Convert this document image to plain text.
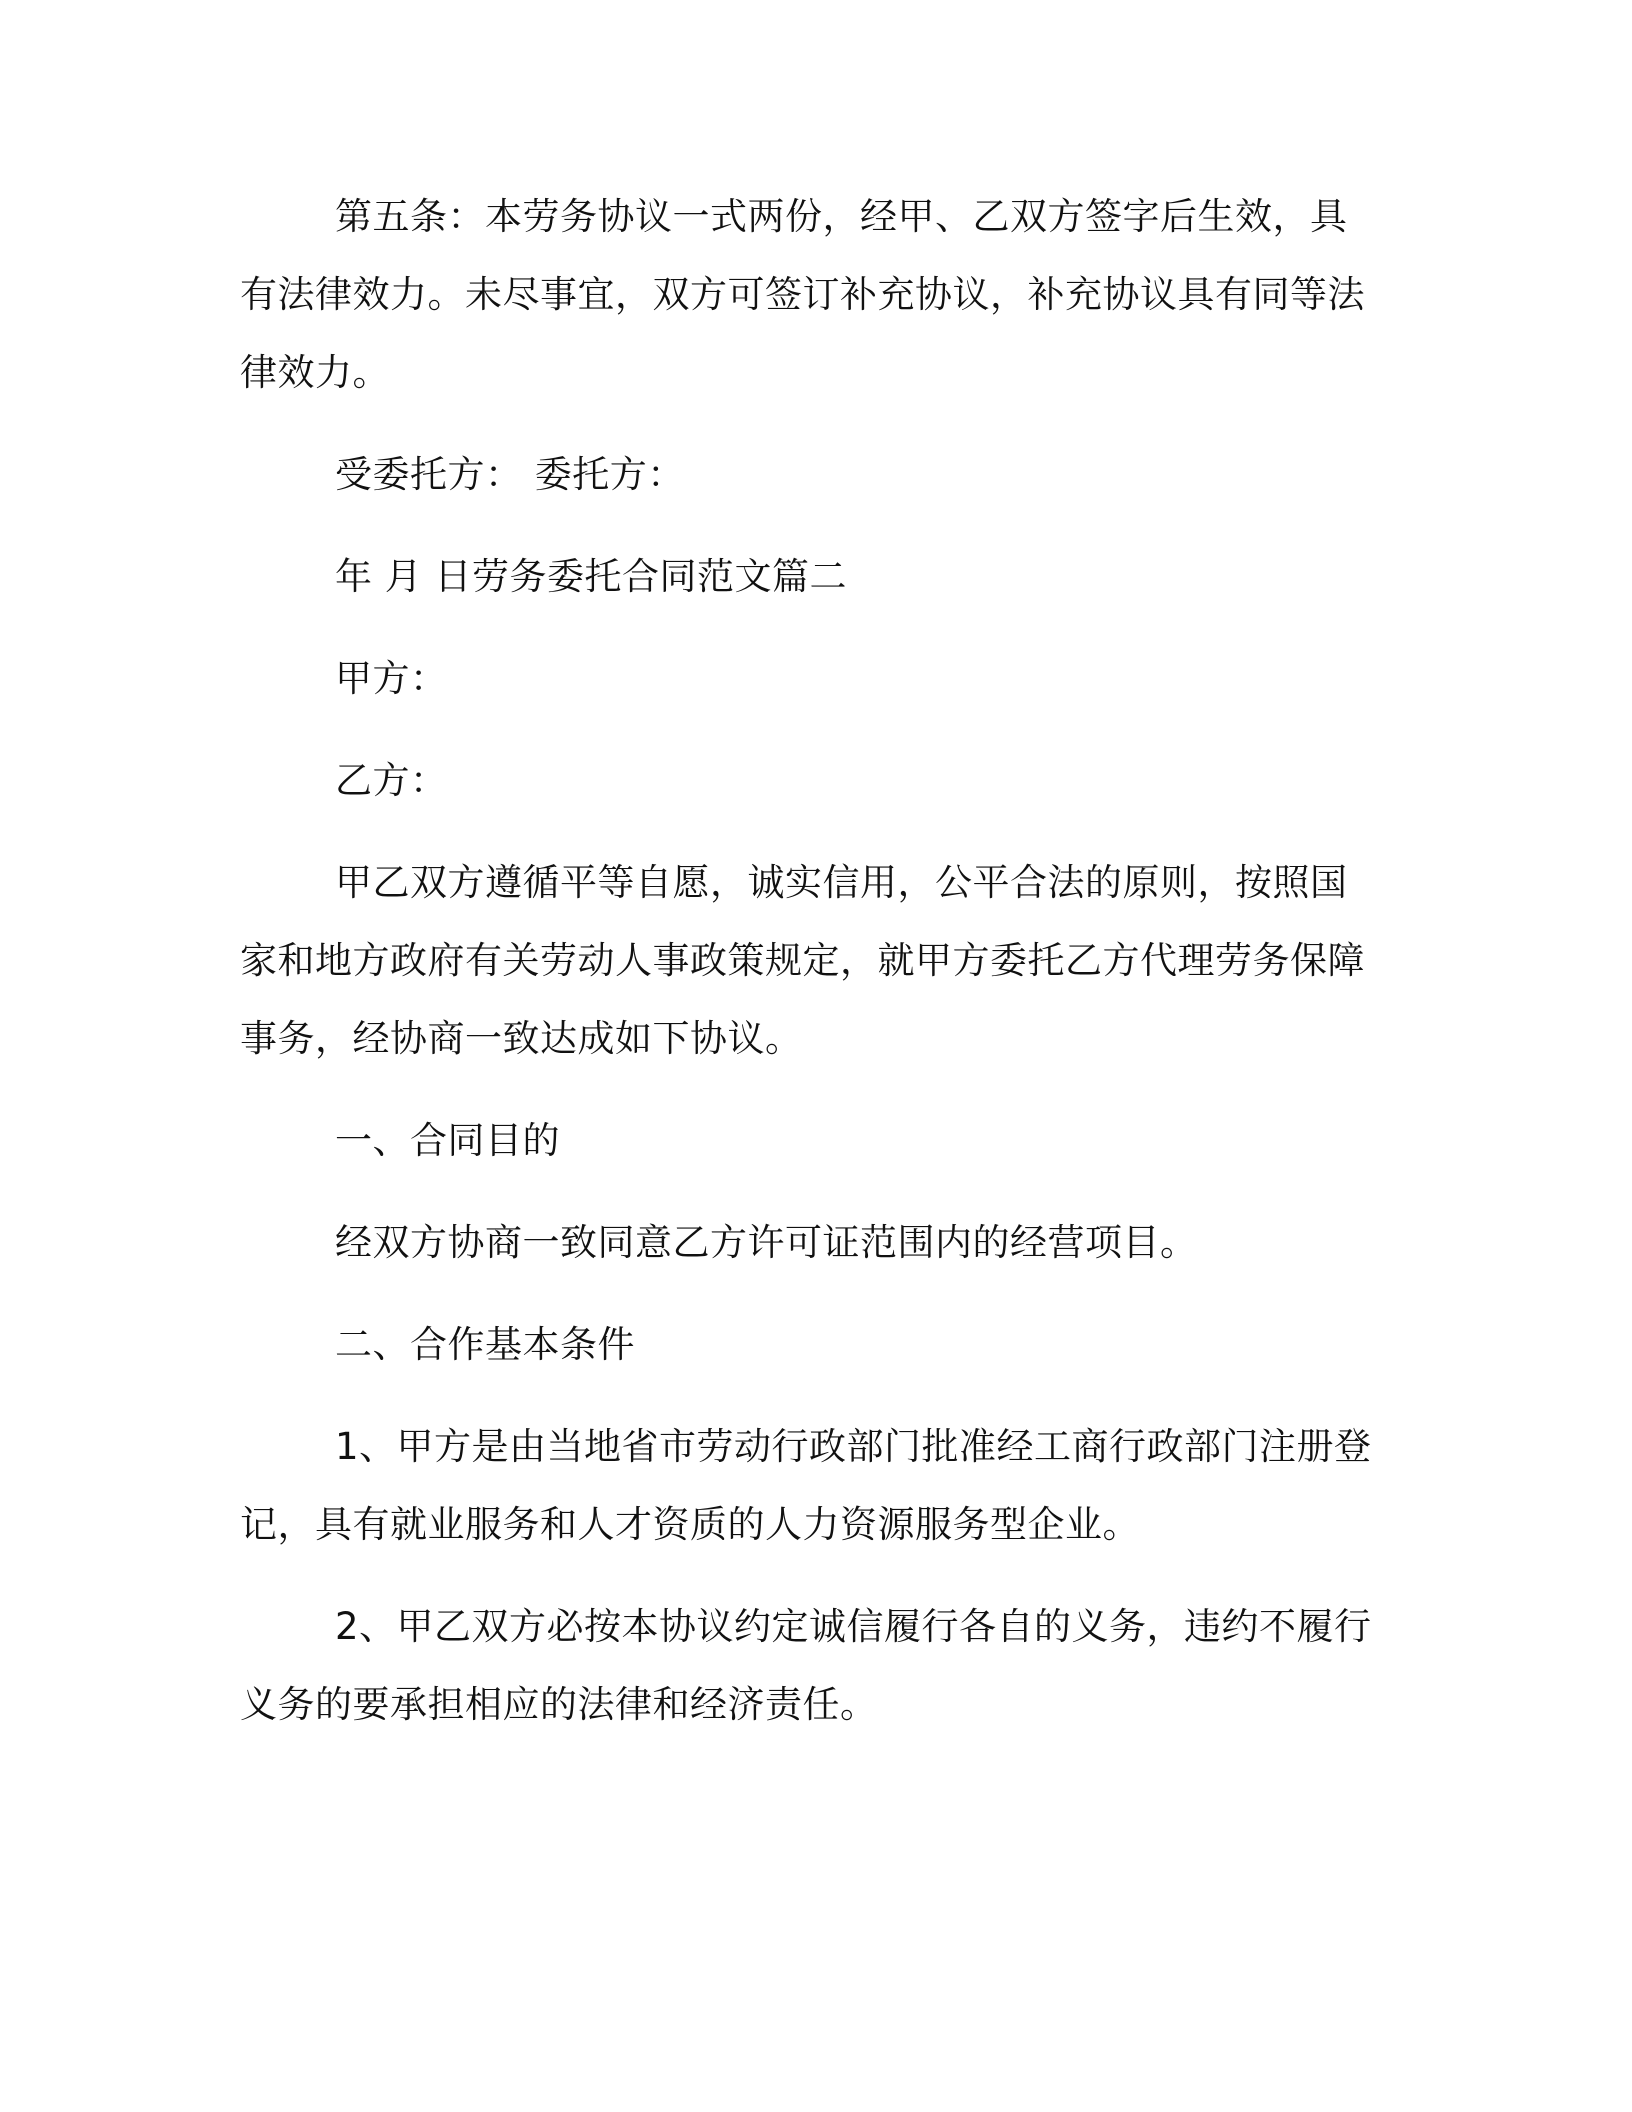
第五条：本劳务协议一式两份，经甲、乙双方签字后生效，具有法律效力。未尽事宜，双方可签订补充协议，补充协议具有同等法律效力。

受委托方： 委托方：

年 月 日劳务委托合同范文篇二

甲方：

乙方：

甲乙双方遵循平等自愿，诚实信用，公平合法的原则，按照国家和地方政府有关劳动人事政策规定，就甲方委托乙方代理劳务保障事务，经协商一致达成如下协议。

一、合同目的

经双方协商一致同意乙方许可证范围内的经营项目。

二、合作基本条件

1、甲方是由当地省市劳动行政部门批准经工商行政部门注册登记，具有就业服务和人才资质的人力资源服务型企业。

2、甲乙双方必按本协议约定诚信履行各自的义务，违约不履行义务的要承担相应的法律和经济责任。
